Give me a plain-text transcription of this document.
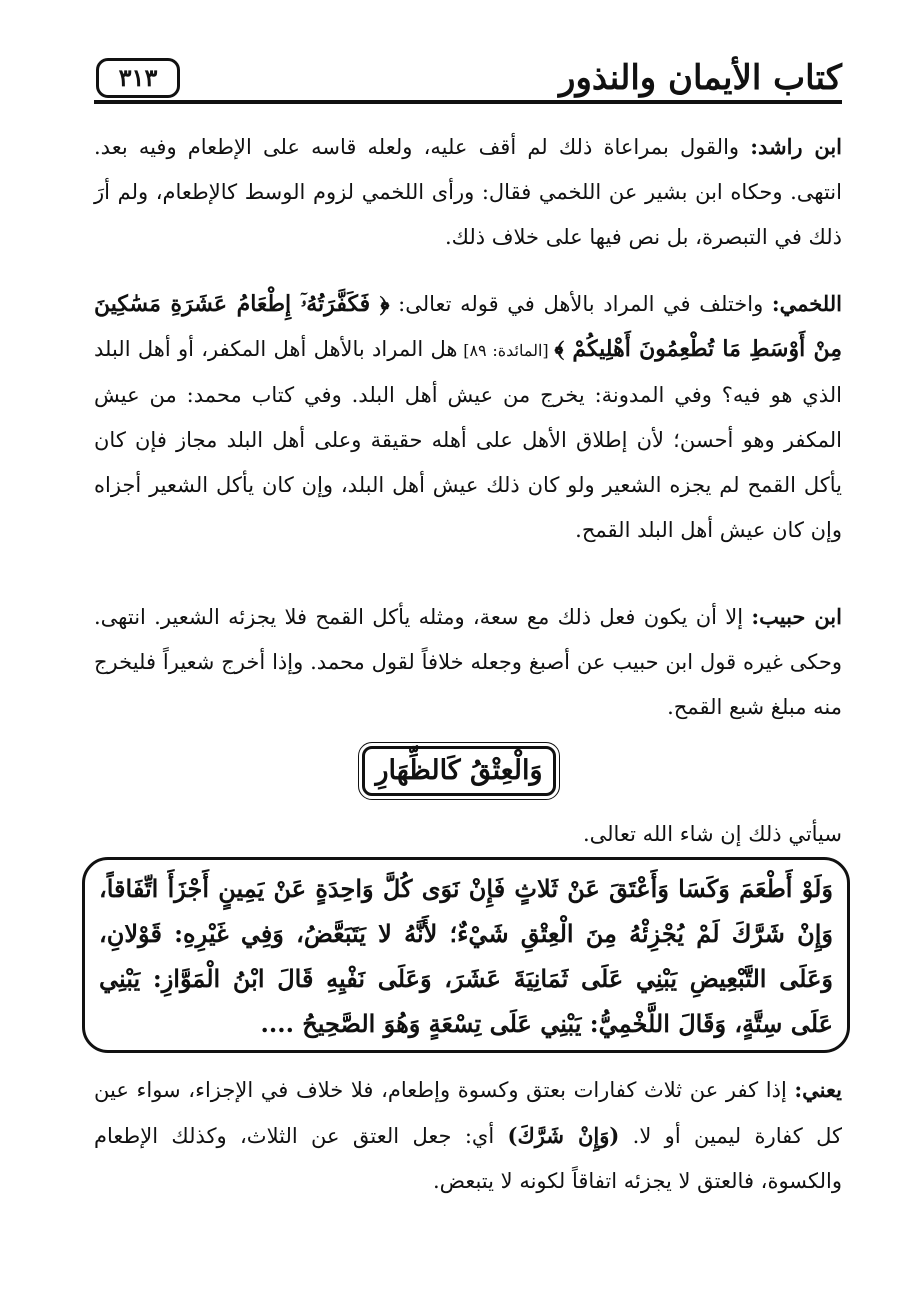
كتاب الأيمان والنذور
٣١٣

ابن راشد: والقول بمراعاة ذلك لم أقف عليه، ولعله قاسه على الإطعام وفيه بعد. انتهى. وحكاه ابن بشير عن اللخمي فقال: ورأى اللخمي لزوم الوسط كالإطعام، ولم أرَ ذلك في التبصرة، بل نص فيها على خلاف ذلك.

اللخمي: واختلف في المراد بالأهل في قوله تعالى: ﴿ فَكَفَّرَتُهُۥٓ إِطْعَامُ عَشَرَةِ مَسَٰكِينَ مِنْ أَوْسَطِ مَا تُطْعِمُونَ أَهْلِيكُمْ ﴾ [المائدة: ٨٩] هل المراد بالأهل أهل المكفر، أو أهل البلد الذي هو فيه؟ وفي المدونة: يخرج من عيش أهل البلد. وفي كتاب محمد: من عيش المكفر وهو أحسن؛ لأن إطلاق الأهل على أهله حقيقة وعلى أهل البلد مجاز فإن كان يأكل القمح لم يجزه الشعير ولو كان ذلك عيش أهل البلد، وإن كان يأكل الشعير أجزاه وإن كان عيش أهل البلد القمح.

ابن حبيب: إلا أن يكون فعل ذلك مع سعة، ومثله يأكل القمح فلا يجزئه الشعير. انتهى. وحكى غيره قول ابن حبيب عن أصبغ وجعله خلافاً لقول محمد. وإذا أخرج شعيراً فليخرج منه مبلغ شبع القمح.

وَالْعِتْقُ كَالظِّهَارِ

سيأتي ذلك إن شاء الله تعالى.

وَلَوْ أَطْعَمَ وَكَسَا وَأَعْتَقَ عَنْ ثَلاثٍ فَإِنْ نَوَى كُلَّ وَاحِدَةٍ عَنْ يَمِينٍ أَجْزَأَ اتِّفَاقاً، وَإِنْ شَرَّكَ لَمْ يُجْزِئْهُ مِنَ الْعِتْقِ شَيْءٌ؛ لأَنَّهُ لا يَتَبَعَّضُ، وَفِي غَيْرِهِ: قَوْلانِ، وَعَلَى التَّبْعِيضِ يَبْنِي عَلَى ثَمَانِيَةَ عَشَرَ، وَعَلَى نَفْيِهِ قَالَ ابْنُ الْمَوَّازِ: يَبْنِي عَلَى سِتَّةٍ، وَقَالَ اللَّخْمِيُّ: يَبْنِي عَلَى تِسْعَةٍ وَهُوَ الصَّحِيحُ ....

يعني: إذا كفر عن ثلاث كفارات بعتق وكسوة وإطعام، فلا خلاف في الإجزاء، سواء عين كل كفارة ليمين أو لا. (وَإِنْ شَرَّكَ) أي: جعل العتق عن الثلاث، وكذلك الإطعام والكسوة، فالعتق لا يجزئه اتفاقاً لكونه لا يتبعض.
